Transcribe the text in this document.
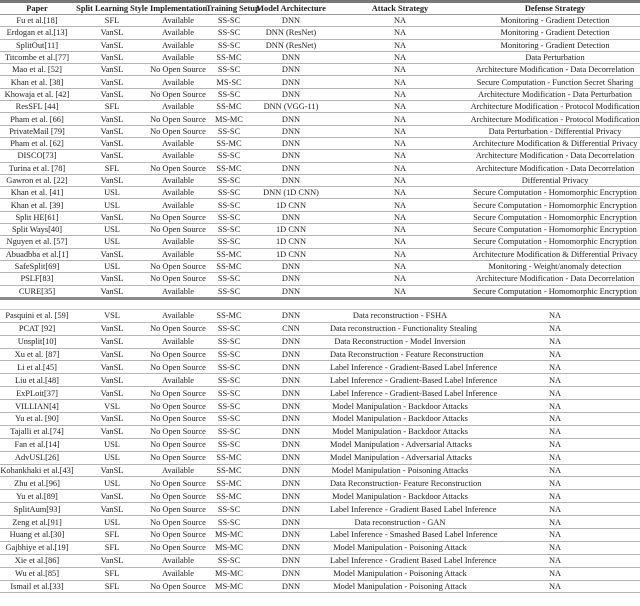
Paper	Split Learning Style	Implementation	Training Setup	Model Architecture	Attack Strategy	Defense Strategy
Fu et al.[18]	SFL	Available	SS-SC	DNN	NA	Monitoring - Gradient Detection
Erdogan et al.[13]	VanSL	Available	SS-SC	DNN (ResNet)	NA	Monitoring - Gradient Detection
SplitOut[11]	VanSL	Available	SS-SC	DNN (ResNet)	NA	Monitoring - Gradient Detection
Titcombe et al.[77]	VanSL	Available	SS-MC	DNN	NA	Data Perturbation
Mao et al. [52]	VanSL	No Open Source	SS-SC	DNN	NA	Architecture Modification - Data Decorrelation
Khan et al. [38]	VanSL	Available	MS-SC	DNN	NA	Secure Computation - Function Secret Sharing
Khowaja et al. [42]	VanSL	No Open Source	SS-SC	DNN	NA	Architecture Modification - Data Perturbation
ResSFL [44]	SFL	Available	SS-MC	DNN (VGG-11)	NA	Architecture Modification - Protocol Modification
Pham et al. [66]	VanSL	No Open Source	MS-MC	DNN	NA	Architecture Modification - Protocol Modification
PrivateMail [79]	VanSL	No Open Source	SS-SC	DNN	NA	Data Perturbation - Differential Privacy
Pham et al. [62]	VanSL	Available	SS-MC	DNN	NA	Architecture Modification & Differential Privacy
DISCO[73]	VanSL	Available	SS-SC	DNN	NA	Architecture Modification - Data Decorrelation
Turina et al. [78]	SFL	No Open Source	SS-MC	DNN	NA	Architecture Modification - Data Decorrelation
Gawron et al. [22]	VanSL	Available	SS-SC	DNN	NA	Differential Privacy
Khan et al. [41]	USL	Available	SS-SC	DNN (1D CNN)	NA	Secure Computation - Homomorphic Encryption
Khan et al. [39]	USL	Available	SS-SC	1D CNN	NA	Secure Computation - Homomorphic Encryption
Split HE[61]	VanSL	No Open Source	SS-SC	DNN	NA	Secure Computation - Homomorphic Encryption
Split Ways[40]	USL	No Open Source	SS-SC	1D CNN	NA	Secure Computation - Homomorphic Encryption
Nguyen et al. [57]	USL	Available	SS-SC	1D CNN	NA	Secure Computation - Homomorphic Encryption
Abuadbba et al.[1]	VanSL	Available	SS-MC	1D CNN	NA	Architecture Modification & Differential Privacy
SafeSplit[69]	USL	No Open Source	SS-MC	DNN	NA	Monitoring - Weight/anomaly detection
PSLF[83]	VanSL	No Open Source	SS-SC	DNN	NA	Architecture Modification - Data Decorrelation
CURE[35]	VanSL	Available	SS-SC	DNN	NA	Secure Computation - Homomorphic Encryption

Pasquini et al. [59]	VSL	Available	SS-MC	DNN	Data reconstruction - FSHA	NA
PCAT [92]	VanSL	No Open Source	SS-SC	CNN	Data reconstruction - Functionality Stealing	NA
Unsplit[10]	VanSL	Available	SS-SC	DNN	Data Reconstruction - Model Inversion	NA
Xu et al. [87]	VanSL	No Open Source	SS-SC	DNN	Data Reconstruction - Feature Reconstruction	NA
Li et al.[45]	VanSL	No Open Source	SS-SC	DNN	Label Inference - Gradient-Based Label Inference	NA
Liu et al.[48]	VanSL	Available	SS-SC	DNN	Label Inference - Gradient-Based Label Inference	NA
ExPLoit[37]	VanSL	No Open Source	SS-SC	DNN	Label Inference - Gradient-Based Label Inference	NA
VILLIAN[4]	VSL	No Open Source	SS-SC	DNN	Model Manipulation - Backdoor Attacks	NA
Yu et al. [90]	VanSL	No Open Source	SS-SC	DNN	Model Manipulation - Backdoor Attacks	NA
Tajalli et al.[74]	VanSL	No Open Source	SS-SC	DNN	Model Manipulation - Backdoor Attacks	NA
Fan et al.[14]	USL	No Open Source	SS-SC	DNN	Model Manipulation - Adversarial Attacks	NA
AdvUSL[26]	USL	No Open Source	SS-MC	DNN	Model Manipulation - Adversarial Attacks	NA
Kohankhaki et al.[43]	VanSL	Available	SS-MC	DNN	Model Manipulation - Poisoning Attacks	NA
Zhu et al.[96]	USL	No Open Source	SS-MC	DNN	Data Reconstruction- Feature Reconstruction	NA
Yu et al.[89]	VanSL	No Open Source	SS-MC	DNN	Model Manipulation - Backdoor Attacks	NA
SplitAum[93]	VanSL	No Open Source	SS-SC	DNN	Label Inference - Gradient Based Label Inference	NA
Zeng et al.[91]	USL	No Open Source	SS-SC	DNN	Data reconstruction - GAN	NA
Huang et al.[30]	SFL	No Open Source	MS-MC	DNN	Label Inference - Smashed Based Label Inference	NA
Gajbhiye et al.[19]	SFL	No Open Source	MS-MC	DNN	Model Manipulation - Poisoning Attack	NA
Xie et al.[86]	VanSL	Available	SS-SC	DNN	Label Inference - Gradient Based Label Inference	NA
Wu et al.[85]	SFL	Available	MS-MC	DNN	Model Manipulation - Poisoning Attack	NA
Ismail et al.[33]	SFL	No Open Source	MS-MC	DNN	Model Manipulation - Poisoning Attack	NA
